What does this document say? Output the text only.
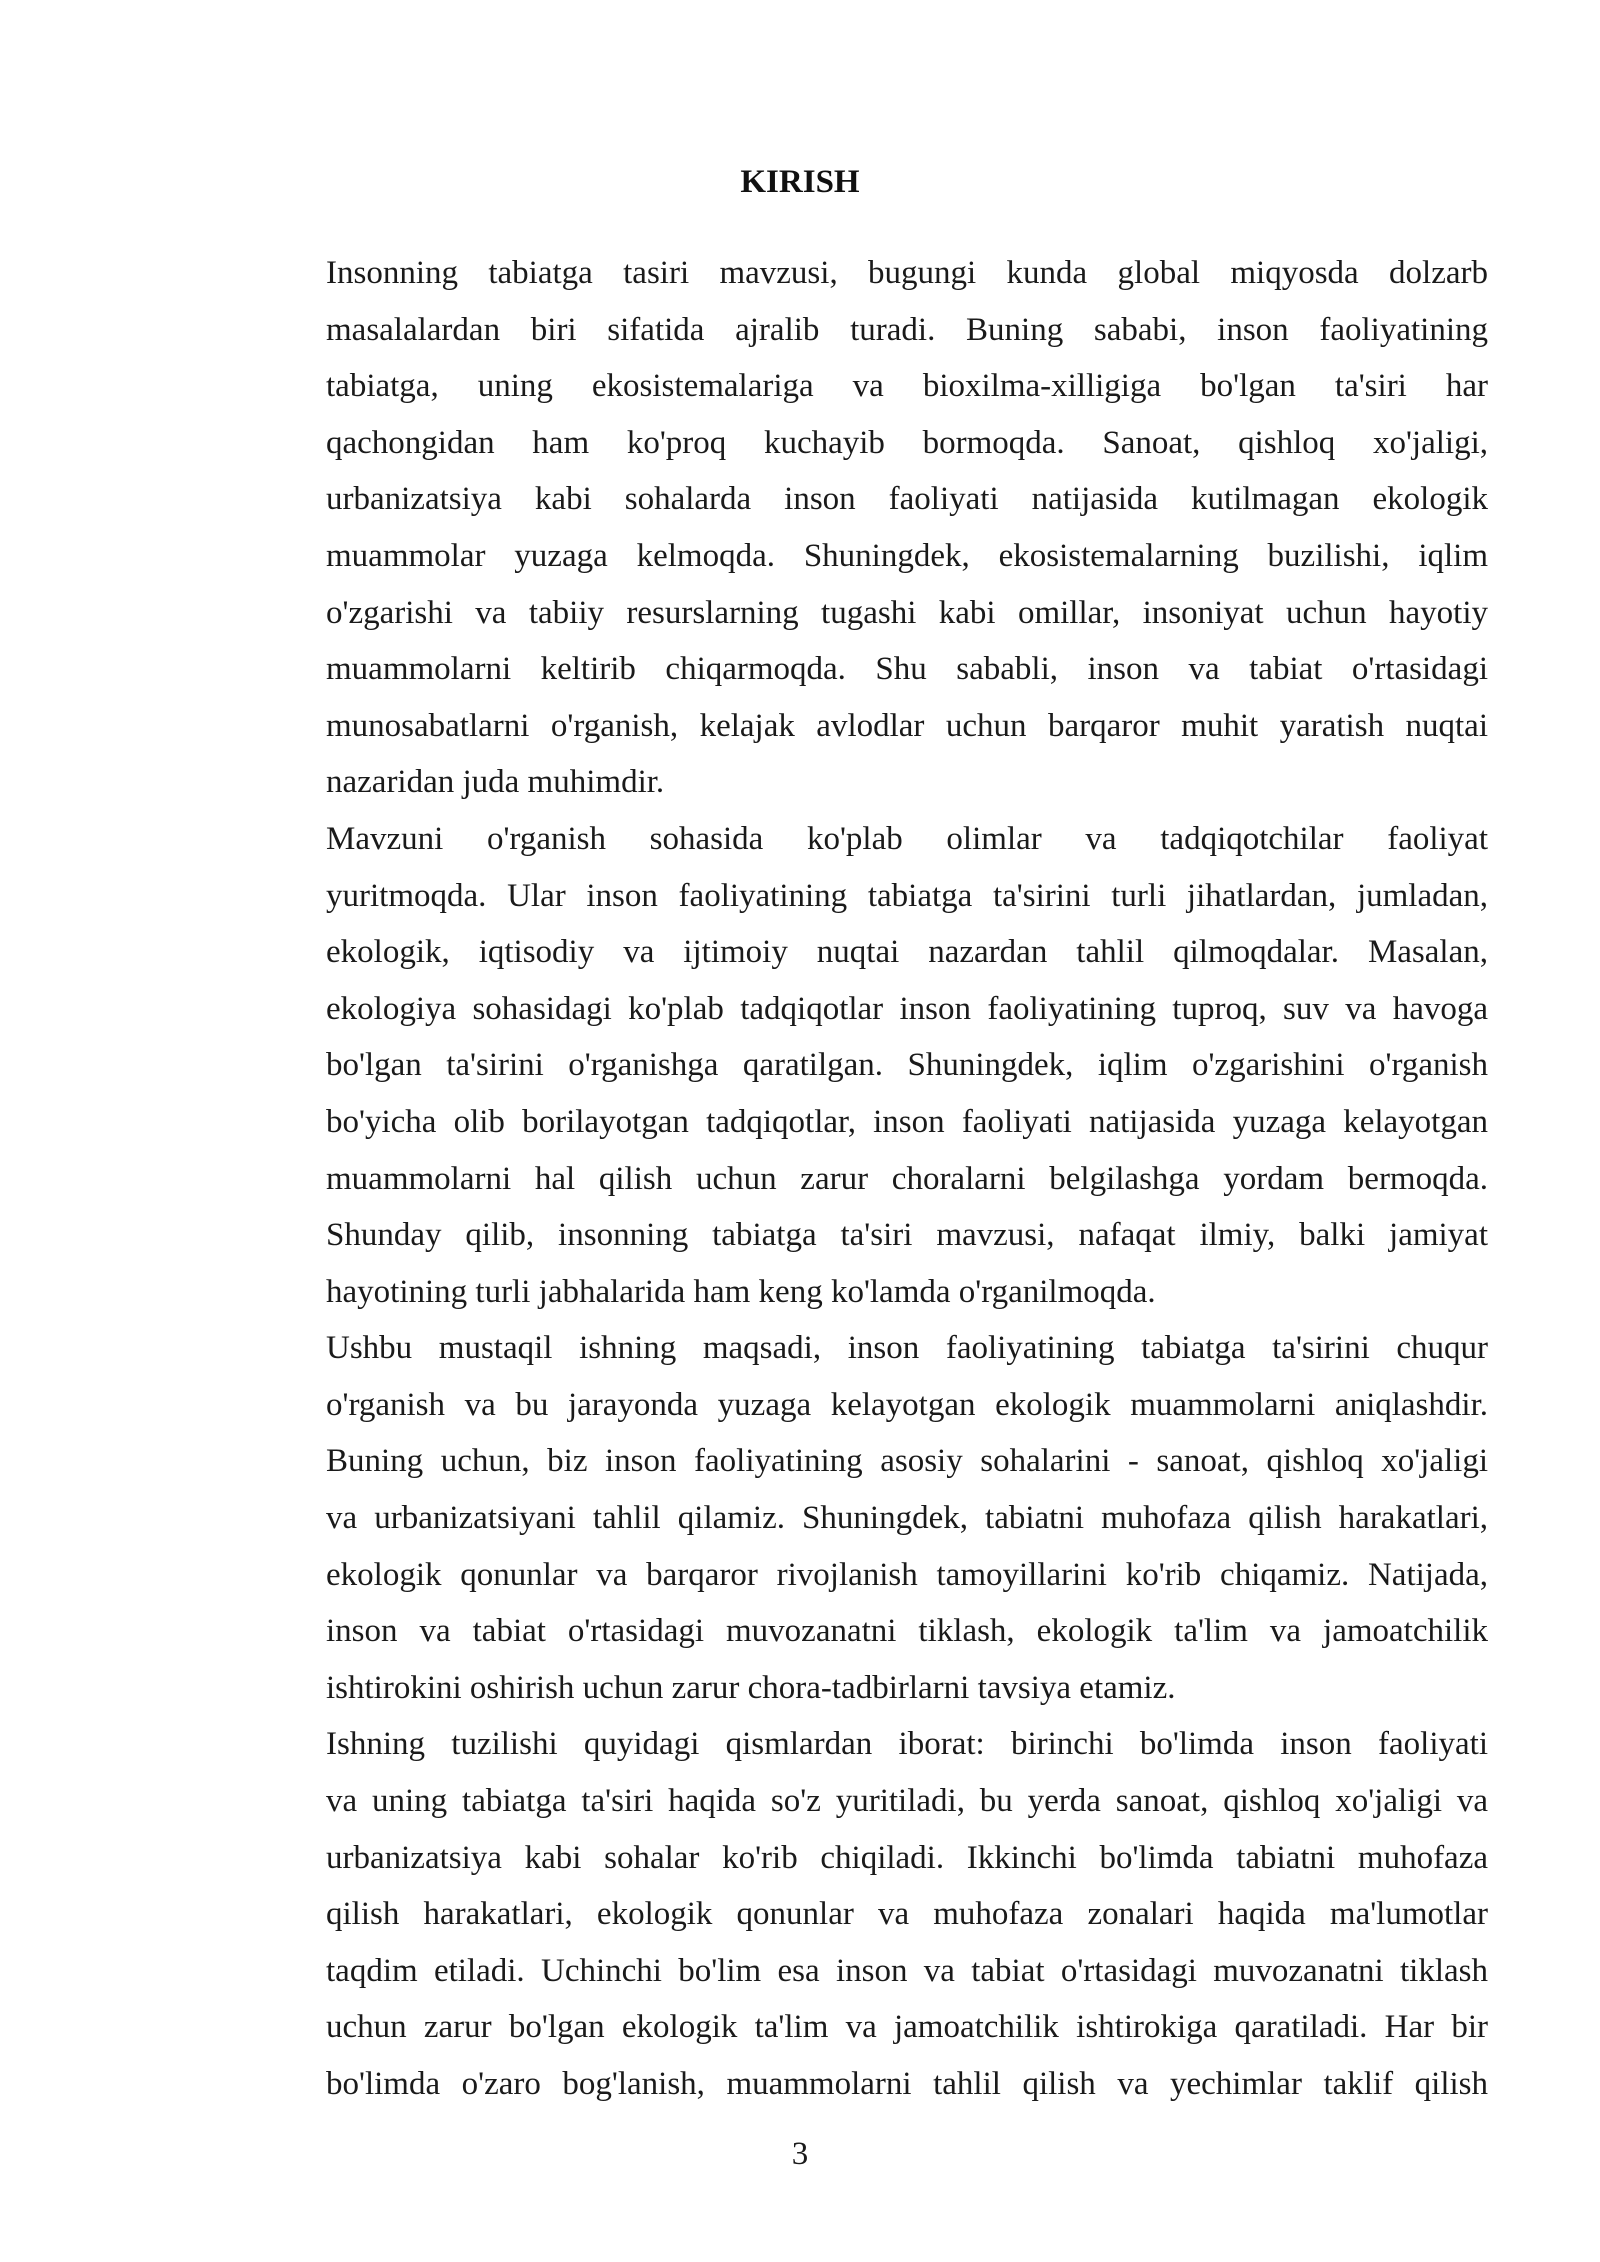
KIRISH
Insonning tabiatga tasiri mavzusi, bugungi kunda global miqyosda dolzarb
masalalardan biri sifatida ajralib turadi. Buning sababi, inson faoliyatining
tabiatga, uning ekosistemalariga va bioxilma-xilligiga bo'lgan ta'siri har
qachongidan ham ko'proq kuchayib bormoqda. Sanoat, qishloq xo'jaligi,
urbanizatsiya kabi sohalarda inson faoliyati natijasida kutilmagan ekologik
muammolar yuzaga kelmoqda. Shuningdek, ekosistemalarning buzilishi, iqlim
o'zgarishi va tabiiy resurslarning tugashi kabi omillar, insoniyat uchun hayotiy
muammolarni keltirib chiqarmoqda. Shu sababli, inson va tabiat o'rtasidagi
munosabatlarni o'rganish, kelajak avlodlar uchun barqaror muhit yaratish nuqtai
nazaridan juda muhimdir.
Mavzuni o'rganish sohasida ko'plab olimlar va tadqiqotchilar faoliyat
yuritmoqda. Ular inson faoliyatining tabiatga ta'sirini turli jihatlardan, jumladan,
ekologik, iqtisodiy va ijtimoiy nuqtai nazardan tahlil qilmoqdalar. Masalan,
ekologiya sohasidagi ko'plab tadqiqotlar inson faoliyatining tuproq, suv va havoga
bo'lgan ta'sirini o'rganishga qaratilgan. Shuningdek, iqlim o'zgarishini o'rganish
bo'yicha olib borilayotgan tadqiqotlar, inson faoliyati natijasida yuzaga kelayotgan
muammolarni hal qilish uchun zarur choralarni belgilashga yordam bermoqda.
Shunday qilib, insonning tabiatga ta'siri mavzusi, nafaqat ilmiy, balki jamiyat
hayotining turli jabhalarida ham keng ko'lamda o'rganilmoqda.
Ushbu mustaqil ishning maqsadi, inson faoliyatining tabiatga ta'sirini chuqur
o'rganish va bu jarayonda yuzaga kelayotgan ekologik muammolarni aniqlashdir.
Buning uchun, biz inson faoliyatining asosiy sohalarini - sanoat, qishloq xo'jaligi
va urbanizatsiyani tahlil qilamiz. Shuningdek, tabiatni muhofaza qilish harakatlari,
ekologik qonunlar va barqaror rivojlanish tamoyillarini ko'rib chiqamiz. Natijada,
inson va tabiat o'rtasidagi muvozanatni tiklash, ekologik ta'lim va jamoatchilik
ishtirokini oshirish uchun zarur chora-tadbirlarni tavsiya etamiz.
Ishning tuzilishi quyidagi qismlardan iborat: birinchi bo'limda inson faoliyati
va uning tabiatga ta'siri haqida so'z yuritiladi, bu yerda sanoat, qishloq xo'jaligi va
urbanizatsiya kabi sohalar ko'rib chiqiladi. Ikkinchi bo'limda tabiatni muhofaza
qilish harakatlari, ekologik qonunlar va muhofaza zonalari haqida ma'lumotlar
taqdim etiladi. Uchinchi bo'lim esa inson va tabiat o'rtasidagi muvozanatni tiklash
uchun zarur bo'lgan ekologik ta'lim va jamoatchilik ishtirokiga qaratiladi. Har bir
bo'limda o'zaro bog'lanish, muammolarni tahlil qilish va yechimlar taklif qilish
3
